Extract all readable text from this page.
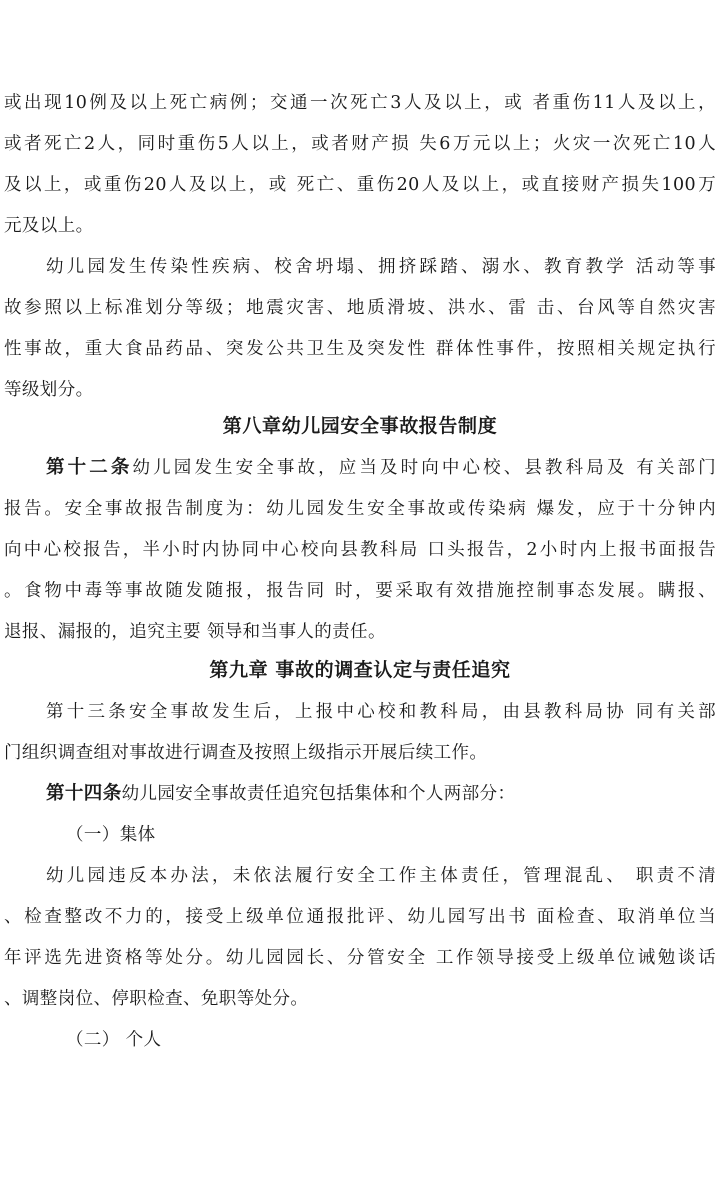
或出现10例及以上死亡病例；交通一次死亡3人及以上，或 者重伤11人及以上，
或者死亡2人，同时重伤5人以上，或者财产损 失6万元以上；火灾一次死亡10人
及以上，或重伤20人及以上，或 死亡、重伤20人及以上，或直接财产损失100万
元及以上。
幼儿园发生传染性疾病、校舍坍塌、拥挤踩踏、溺水、教育教学 活动等事
故参照以上标准划分等级；地震灾害、地质滑坡、洪水、雷 击、台风等自然灾害
性事故，重大食品药品、突发公共卫生及突发性 群体性事件，按照相关规定执行
等级划分。
第八章幼儿园安全事故报告制度
第十二条幼儿园发生安全事故，应当及时向中心校、县教科局及 有关部门
报告。安全事故报告制度为：幼儿园发生安全事故或传染病 爆发，应于十分钟内
向中心校报告，半小时内协同中心校向县教科局 口头报告，2小时内上报书面报告
。食物中毒等事故随发随报，报告同 时，要采取有效措施控制事态发展。瞒报、
退报、漏报的，追究主要 领导和当事人的责任。
第九章 事故的调查认定与责任追究
第十三条安全事故发生后，上报中心校和教科局，由县教科局协 同有关部
门组织调查组对事故进行调查及按照上级指示开展后续工作。
第十四条幼儿园安全事故责任追究包括集体和个人两部分：
（一）集体
幼儿园违反本办法，未依法履行安全工作主体责任，管理混乱、 职责不清
、检查整改不力的，接受上级单位通报批评、幼儿园写出书 面检查、取消单位当
年评选先进资格等处分。幼儿园园长、分管安全 工作领导接受上级单位诫勉谈话
、调整岗位、停职检查、免职等处分。
（二） 个人
